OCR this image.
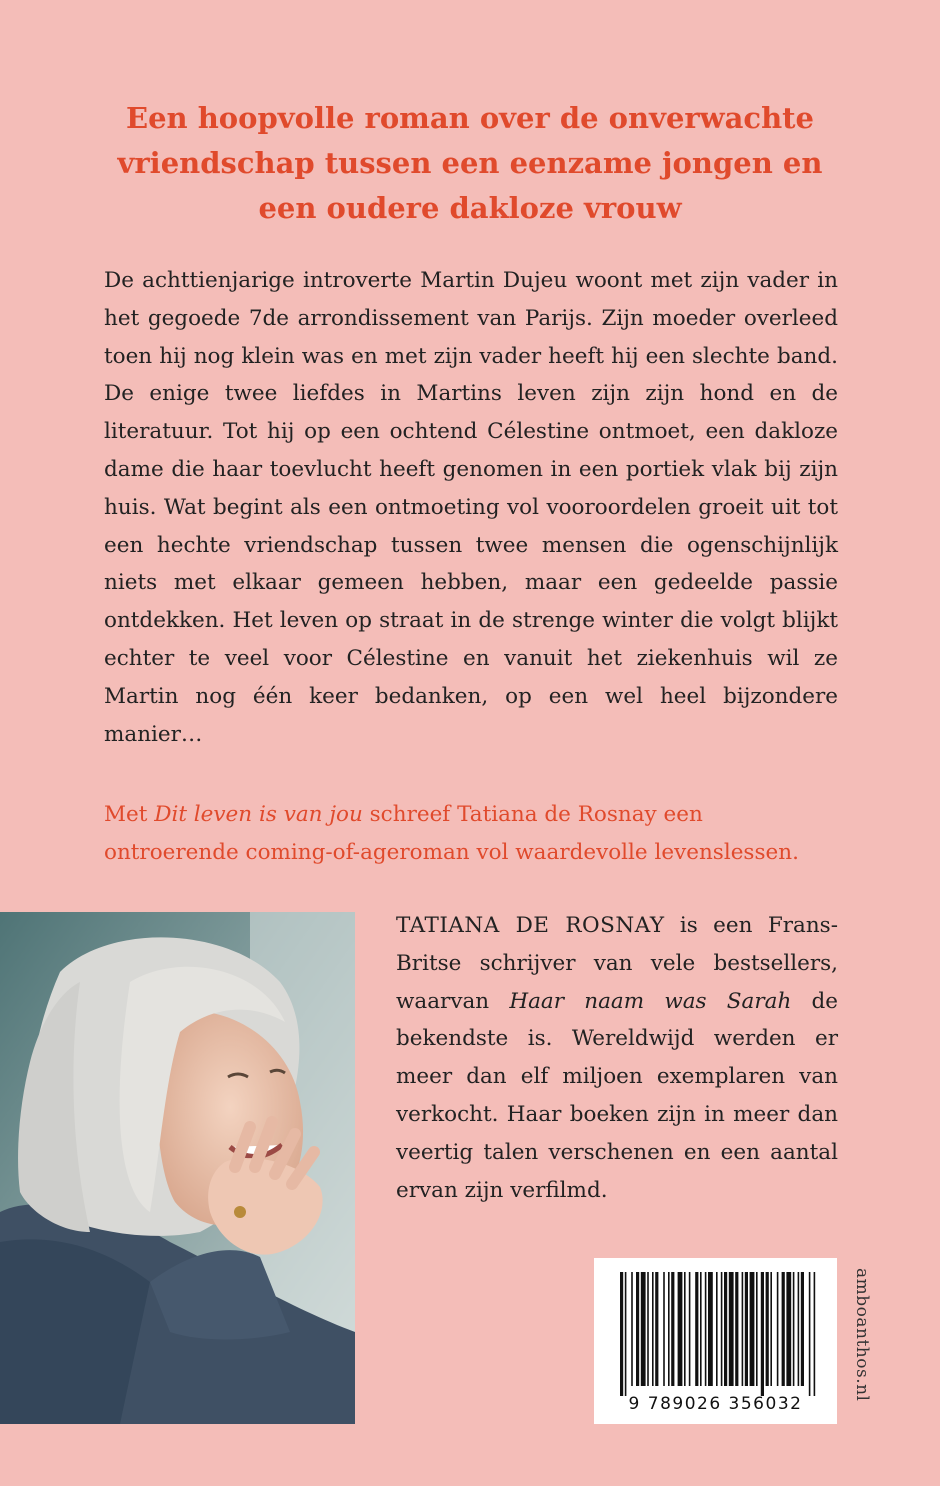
Een hoopvolle roman over de onverwachte vriendschap tussen een eenzame jongen en een oudere dakloze vrouw
De achttienjarige introverte Martin Dujeu woont met zijn vader in het gegoede 7de arrondissement van Parijs. Zijn moeder overleed toen hij nog klein was en met zijn vader heeft hij een slechte band. De enige twee liefdes in Martins leven zijn zijn hond en de literatuur. Tot hij op een ochtend Célestine ontmoet, een dakloze dame die haar toevlucht heeft genomen in een portiek vlak bij zijn huis. Wat begint als een ontmoeting vol vooroordelen groeit uit tot een hechte vriendschap tussen twee mensen die ogenschijnlijk niets met elkaar gemeen hebben, maar een gedeelde passie ontdekken. Het leven op straat in de strenge winter die volgt blijkt echter te veel voor Célestine en vanuit het ziekenhuis wil ze Martin nog één keer bedanken, op een wel heel bijzondere manier…
Met Dit leven is van jou schreef Tatiana de Rosnay een ontroerende coming-of-ageroman vol waardevolle levenslessen.
TATIANA DE ROSNAY is een Frans-Britse schrijver van vele bestsellers, waarvan Haar naam was Sarah de bekendste is. Wereldwijd werden er meer dan elf miljoen exemplaren van verkocht. Haar boeken zijn in meer dan veertig talen verschenen en een aantal ervan zijn verfilmd.
9 789026 356032
amboanthos.nl
